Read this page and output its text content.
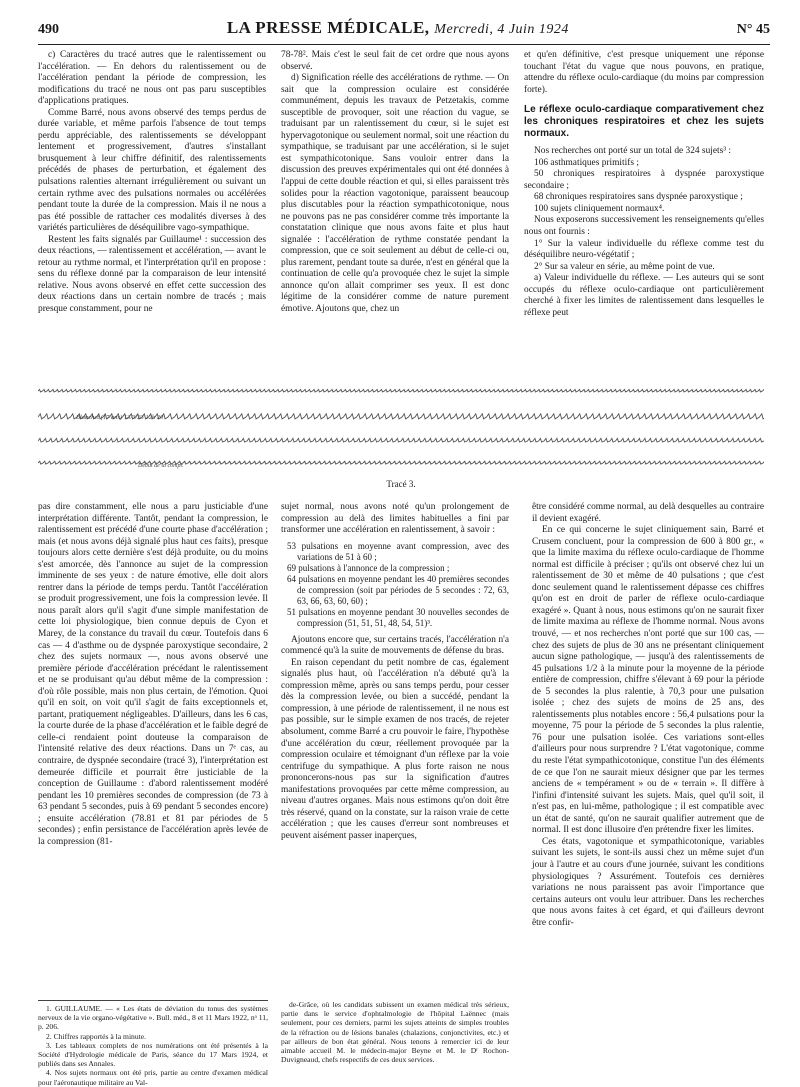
490	LA PRESSE MÉDICALE, Mercredi, 4 Juin 1924	N° 45

c) Caractères du tracé autres que le ralentissement ou l'accélération. — En dehors du ralentissement ou de l'accélération pendant la période de compression, les modifications du tracé ne nous ont pas paru susceptibles d'applications pratiques.

Comme Barré, nous avons observé des temps perdus de durée variable, et même parfois l'absence de tout temps perdu appréciable, des ralentissements se développant lentement et progressivement, d'autres s'installant brusquement à leur chiffre définitif, des ralentissements précédés de phases de perturbation, et également des pulsations ralenties alternant irrégulièrement ou suivant un certain rythme avec des pulsations normales ou accélérées pendant toute la durée de la compression. Mais il ne nous a pas été possible de rattacher ces modalités diverses à des variétés particulières de déséquilibre vago-sympathique.

Restent les faits signalés par Guillaume¹ : succession des deux réactions, — ralentissement et accélération, — avant le retour au rythme normal, et l'interprétation qu'il en propose : sens du réflexe donné par la comparaison de leur intensité relative. Nous avons observé en effet cette succession des deux réactions dans un certain nombre de tracés ; mais presque constamment, pour ne

78-78². Mais c'est le seul fait de cet ordre que nous ayons observé.

d) Signification réelle des accélérations de rythme. — On sait que la compression oculaire est considérée communément, depuis les travaux de Petzetakis, comme susceptible de provoquer, soit une réaction du vague, se traduisant par un ralentissement du cœur, si le sujet est hypervagotonique ou seulement normal, soit une réaction du sympathique, se traduisant par une accélération, si le sujet est sympathicotonique. Sans vouloir entrer dans la discussion des preuves expérimentales qui ont été données à l'appui de cette double réaction et qui, si elles paraissent très solides pour la réaction vagotonique, paraissent beaucoup plus discutables pour la réaction sympathicotonique, nous ne pouvons pas ne pas considérer comme très importante la constatation clinique que nous avons faite et plus haut signalée : l'accélération de rythme constatée pendant la compression, que ce soit seulement au début de celle-ci ou, plus rarement, pendant toute sa durée, n'est en général que la continuation de celle qu'a provoquée chez le sujet la simple annonce qu'on allait comprimer ses yeux. Il est donc légitime de la considérer comme de nature purement émotive. Ajoutons que, chez un

et qu'en définitive, c'est presque uniquement une réponse touchant l'état du vague que nous pouvons, en pratique, attendre du réflexe oculo-cardiaque (du moins par compression forte).

Le réflexe oculo-cardiaque comparativement chez les chroniques respiratoires et chez les sujets normaux.

Nos recherches ont porté sur un total de 324 sujets³ :

106 asthmatiques primitifs ;

50 chroniques respiratoires à dyspnée paroxystique secondaire ;

68 chroniques respiratoires sans dyspnée paroxystique ;

100 sujets cliniquement normaux⁴.

Nous exposerons successivement les renseignements qu'elles nous ont fournis :

1° Sur la valeur individuelle du réflexe comme test du déséquilibre neuro-végétatif ;

2° Sur sa valeur en série, au même point de vue.

a) Valeur individuelle du réflexe. — Les auteurs qui se sont occupés du réflexe oculo-cardiaque ont particulièrement cherché à fixer les limites de ralentissement dans lesquelles le réflexe peut

Blanchet (17 ans) 13/3/23 12h 20
Début de la compr.
Tracé 3.

pas dire constamment, elle nous a paru justiciable d'une interprétation différente. Tantôt, pendant la compression, le ralentissement est précédé d'une courte phase d'accélération ; mais (et nous avons déjà signalé plus haut ces faits), presque toujours alors cette dernière s'est déjà produite, ou du moins s'est amorcée, dès l'annonce au sujet de la compression imminente de ses yeux : de nature émotive, elle doit alors rentrer dans la période de temps perdu. Tantôt l'accélération se produit progressivement, une fois la compression levée. Il nous paraît alors qu'il s'agit d'une simple manifestation de cette loi physiologique, bien connue depuis de Cyon et Marey, de la constance du travail du cœur. Toutefois dans 6 cas — 4 d'asthme ou de dyspnée paroxystique secondaire, 2 chez des sujets normaux —, nous avons observé une première période d'accélération précédant le ralentissement et ne se produisant qu'au début même de la compression : d'où rôle possible, mais non plus certain, de l'émotion. Quoi qu'il en soit, on voit qu'il s'agit de faits exceptionnels et, partant, pratiquement négligeables. D'ailleurs, dans les 6 cas, la courte durée de la phase d'accélération et le faible degré de celle-ci rendaient point douteuse la comparaison de l'intensité relative des deux réactions. Dans un 7ᵉ cas, au contraire, de dyspnée secondaire (tracé 3), l'interprétation est demeurée difficile et pourrait être justiciable de la conception de Guillaume : d'abord ralentissement modéré pendant les 10 premières secondes de compression (de 73 à 63 pendant 5 secondes, puis à 69 pendant 5 secondes encore) ; ensuite accélération (78.81 et 81 par périodes de 5 secondes) ; enfin persistance de l'accélération après levée de la compression (81-

sujet normal, nous avons noté qu'un prolongement de compression au delà des limites habituelles a fini par transformer une accélération en ralentissement, à savoir :

53 pulsations en moyenne avant compression, avec des variations de 51 à 60 ;
69 pulsations à l'annonce de la compression ;
64 pulsations en moyenne pendant les 40 premières secondes de compression (soit par périodes de 5 secondes : 72, 63, 63, 66, 63, 60, 60) ;
51 pulsations en moyenne pendant 30 nouvelles secondes de compression (51, 51, 51, 48, 54, 51)³.

Ajoutons encore que, sur certains tracés, l'accélération n'a commencé qu'à la suite de mouvements de défense du bras.

En raison cependant du petit nombre de cas, également signalés plus haut, où l'accélération n'a débuté qu'à la compression même, après ou sans temps perdu, pour cesser dès la compression levée, ou bien a succédé, pendant la compression, à une période de ralentissement, il ne nous est pas possible, sur le simple examen de nos tracés, de rejeter absolument, comme Barré a cru pouvoir le faire, l'hypothèse d'une accélération du cœur, réellement provoquée par la compression oculaire et témoignant d'un réflexe par la voie centrifuge du sympathique. A plus forte raison ne nous prononcerons-nous pas sur la signification d'autres manifestations provoquées par cette même compression, au niveau d'autres organes. Mais nous estimons qu'on doit être très réservé, quand on la constate, sur la raison vraie de cette accélération ; que les causes d'erreur sont nombreuses et peuvent aisément passer inaperçues,

être considéré comme normal, au delà desquelles au contraire il devient exagéré.

En ce qui concerne le sujet cliniquement sain, Barré et Crusem concluent, pour la compression de 600 à 800 gr., « que la limite maxima du réflexe oculo-cardiaque de l'homme normal est difficile à préciser ; qu'ils ont observé chez lui un ralentissement de 30 et même de 40 pulsations ; que c'est donc seulement quand le ralentissement dépasse ces chiffres qu'on est en droit de parler de réflexe oculo-cardiaque exagéré ». Quant à nous, nous estimons qu'on ne saurait fixer de limite maxima au réflexe de l'homme normal. Nous avons trouvé, — et nos recherches n'ont porté que sur 100 cas, — chez des sujets de plus de 30 ans ne présentant cliniquement aucun signe pathologique, — jusqu'à des ralentissements de 45 pulsations 1/2 à la minute pour la moyenne de la période entière de compression, chiffre s'élevant à 69 pour la période de 5 secondes la plus ralentie, à 70,3 pour une pulsation isolée ; chez des sujets de moins de 25 ans, des ralentissements plus notables encore : 56,4 pulsations pour la moyenne, 75 pour la période de 5 secondes la plus ralentie, 76 pour une pulsation isolée. Ces variations sont-elles d'ailleurs pour nous surprendre ? L'état vagotonique, comme du reste l'état sympathicotonique, constitue l'un des éléments de ce que l'on ne saurait mieux désigner que par les termes anciens de « tempérament » ou de « terrain ». Il diffère à l'infini d'intensité suivant les sujets. Mais, quel qu'il soit, il n'est pas, en lui-même, pathologique ; il est compatible avec un état de santé, qu'on ne saurait qualifier autrement que de normal. Il est donc illusoire d'en prétendre fixer les limites.

Ces états, vagotonique et sympathicotonique, variables suivant les sujets, le sont-ils aussi chez un même sujet d'un jour à l'autre et au cours d'une journée, suivant les conditions physiologiques ? Assurément. Toutefois ces dernières variations ne nous paraissent pas avoir l'importance que certains auteurs ont voulu leur attribuer. Dans les recherches que nous avons faites à cet égard, et qui d'ailleurs devront être confir-

1. GUILLAUME. — « Les états de déviation du tonus des systèmes nerveux de la vie organo-végétative ». Bull. méd., 8 et 11 Mars 1922, nᵒ 11, p. 206.
2. Chiffres rapportés à la minute.
3. Les tableaux complets de nos numérations ont été présentés à la Société d'Hydrologie médicale de Paris, séance du 17 Mars 1924, et publiés dans ses Annales.
4. Nos sujets normaux ont été pris, partie au centre d'examen médical pour l'aéronautique militaire au Val-
de-Grâce, où les candidats subissent un examen médical très sérieux, partie dans le service d'ophtalmologie de l'hôpital Laënnec (mais seulement, pour ces derniers, parmi les sujets atteints de simples troubles de la réfraction ou de lésions banales (chalazions, conjonctivites, etc.) et par ailleurs de bon état général. Nous tenons à remercier ici de leur aimable accueil M. le médecin-major Beyne et M. le Dʳ Rochon-Duvigneaud, chefs respectifs de ces deux services.
